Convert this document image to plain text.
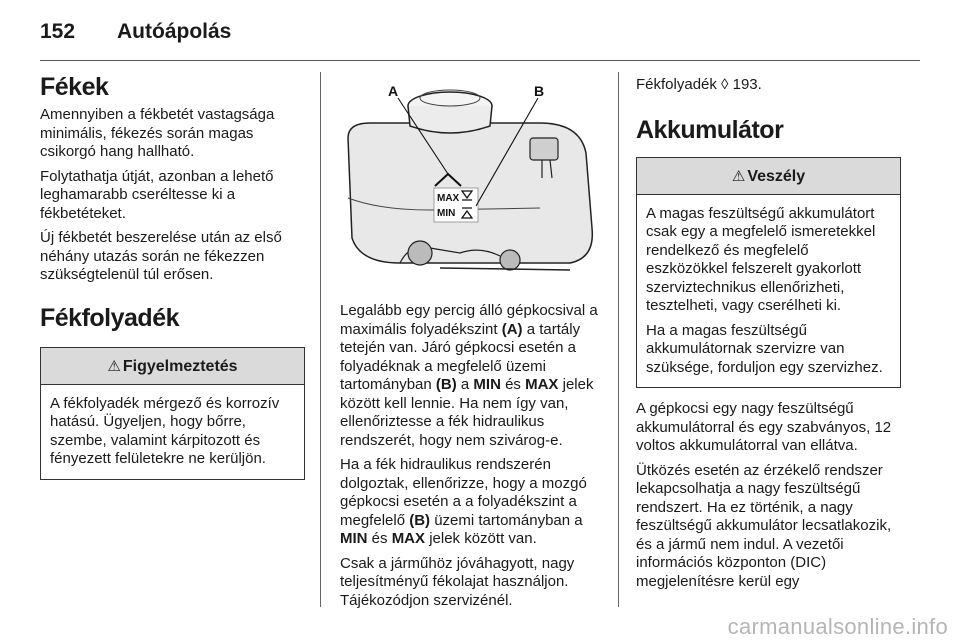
152 Autóápolás
Fékek

Amennyiben a fékbetét vastagsága minimális, fékezés során magas csikorgó hang hallható.

Folytathatja útját, azonban a lehető leghamarabb cseréltesse ki a fékbetéteket.

Új fékbetét beszerelése után az első néhány utazás során ne fékezzen szükségtelenül túl erősen.

Fékfolyadék
⚠ Figyelmeztetés

A fékfolyadék mérgező és korrozív hatású. Ügyeljen, hogy bőrre, szembe, valamint kárpitozott és fényezett felületekre ne kerüljön.

MAX
MIN
A	B

Legalább egy percig álló gépkocsival a maximális folyadékszint (A) a tartály tetején van. Járó gépkocsi esetén a folyadéknak a megfelelő üzemi tartományban (B) a MIN és MAX jelek között kell lennie. Ha nem így van, ellenőriztesse a fék hidraulikus rendszerét, hogy nem szivárog-e.

Ha a fék hidraulikus rendszerén dolgoztak, ellenőrizze, hogy a mozgó gépkocsi esetén a a folyadékszint a megfelelő (B) üzemi tartományban a MIN és MAX jelek között van.

Csak a járműhöz jóváhagyott, nagy teljesítményű fékolajat használjon. Tájékozódjon szervizénél.

Fékfolyadék ◊ 193.

Akkumulátor
⚠ Veszély

A magas feszültségű akkumulátort csak egy a megfelelő ismeretekkel rendelkező és megfelelő eszközökkel felszerelt gyakorlott szerviztechnikus ellenőrizheti, tesztelheti, vagy cserélheti ki.

Ha a magas feszültségű akkumulátornak szervizre van szüksége, forduljon egy szervizhez.

A gépkocsi egy nagy feszültségű akkumulátorral és egy szabványos, 12 voltos akkumulátorral van ellátva.

Ütközés esetén az érzékelő rendszer lekapcsolhatja a nagy feszültségű rendszert. Ha ez történik, a nagy feszültségű akkumulátor lecsatlakozik, és a jármű nem indul. A vezetői információs központon (DIC) megjelenítésre kerül egy

carmanualsonline.info
